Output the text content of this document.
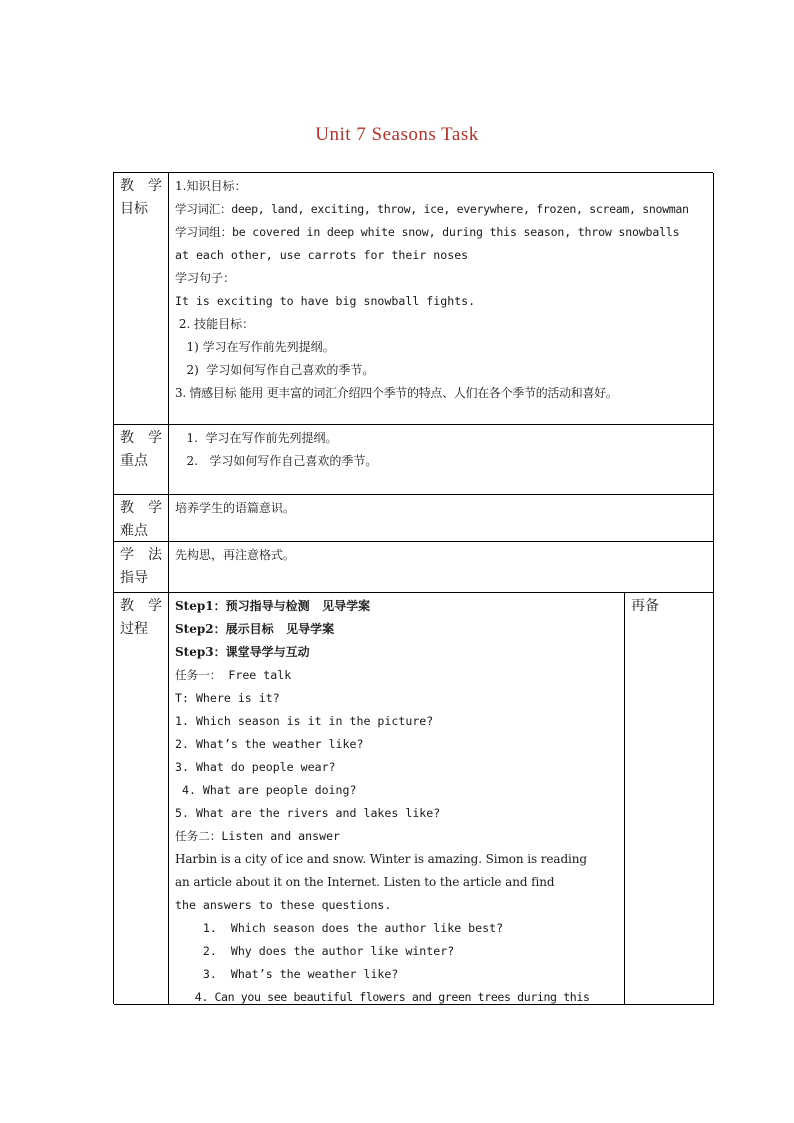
Unit 7 Seasons Task
教 学
目标
1.知识目标：
学习词汇：deep, land, exciting, throw, ice, everywhere, frozen, scream, snowman
学习词组：be covered in deep white snow, during this season, throw snowballs
at each other, use carrots for their noses
学习句子：
It is exciting to have big snowball fights.
2. 技能目标：
1) 学习在写作前先列提纲。
2)  学习如何写作自己喜欢的季节。
3. 情感目标 能用 更丰富的词汇介绍四个季节的特点、人们在各个季节的活动和喜好。
教 学
重点
1.  学习在写作前先列提纲。
2.   学习如何写作自己喜欢的季节。
教 学
难点
培养学生的语篇意识。
学 法
指导
先构思，再注意格式。
教 学
过程
Step1：预习指导与检测   见导学案
Step2：展示目标   见导学案
Step3：课堂导学与互动
任务一： Free talk
T: Where is it?
1. Which season is it in the picture?
2. What’s the weather like?
3. What do people wear?
4. What are people doing?
5. What are the rivers and lakes like?
任务二：Listen and answer
Harbin is a city of ice and snow. Winter is amazing. Simon is reading
an article about it on the Internet. Listen to the article and find
the answers to these questions.
1.  Which season does the author like best?
2.  Why does the author like winter?
3.  What’s the weather like?
4. Can you see beautiful flowers and green trees during this
再备
